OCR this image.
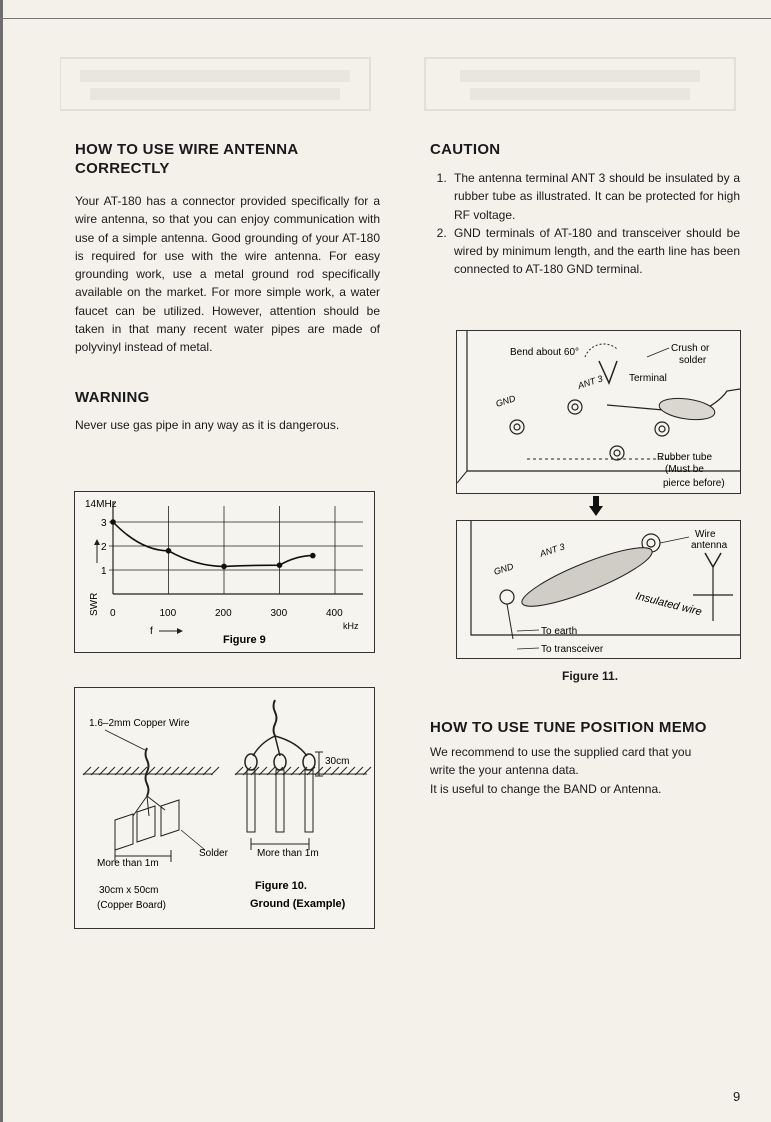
HOW TO USE WIRE ANTENNA
CORRECTLY

Your AT-180 has a connector provided specifically for a wire antenna, so that you can enjoy communication with use of a simple antenna. Good grounding of your AT-180 is required for use with the wire antenna. For easy grounding work, use a metal ground rod specifically available on the market. For more simple work, a water faucet can be utilized. However, attention should be taken in that many recent water pipes are made of polyvinyl instead of metal.

WARNING

Never use gas pipe in any way as it is dangerous.

14MHz
SWR
f	kHz
Figure 9
0	100	200	300	400
1
2
3
1.6–2mm Copper Wire
Solder
More than 1m
30cm x 50cm
(Copper Board)
30cm
More than 1m
Figure 10.
Ground (Example)
CAUTION
1. The antenna terminal ANT 3 should be insulated by a rubber tube as illustrated. It can be protected for high RF voltage.
2. GND terminals of AT-180 and transceiver should be wired by minimum length, and the earth line has been connected to AT-180 GND terminal.
Bend about 60°	Crush or
solder
Terminal
ANT 3
GND
Rubber tube
(Must be
pierce before)
ANT 3
GND
Wire
antenna
Insulated wire
To earth
To transceiver
Figure 11.
HOW TO USE TUNE POSITION MEMO

We recommend to use the supplied card that you

write the your antenna data.

It is useful to change the BAND or Antenna.

9
